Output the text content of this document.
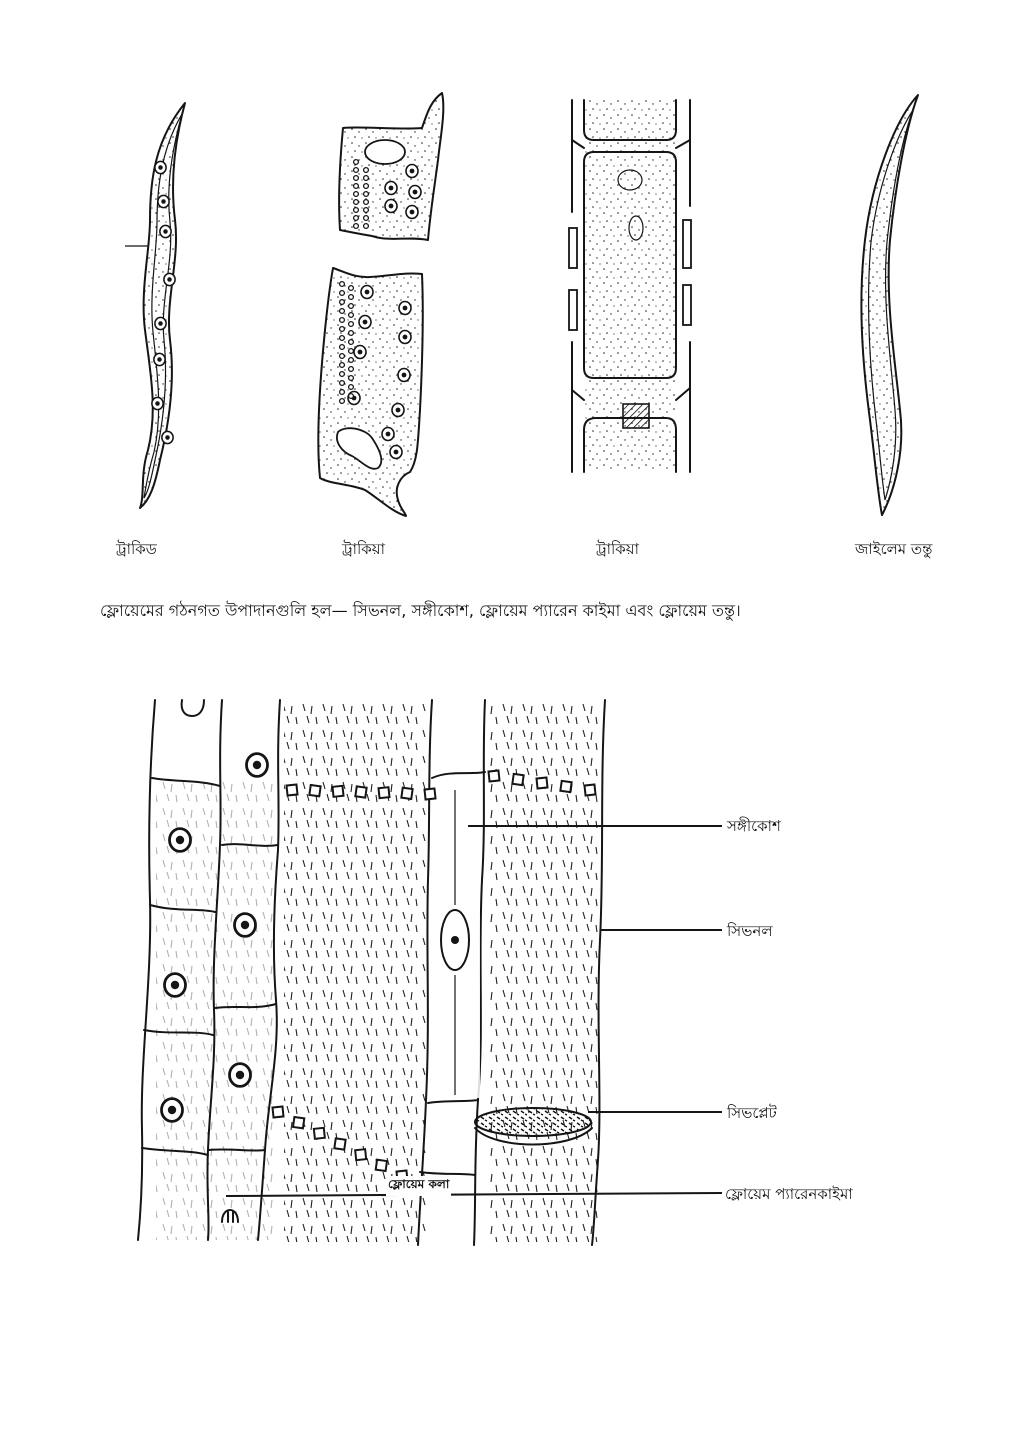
ট্রাকিড	ট্রাকিয়া	ট্রাকিয়া	জাইলেম তন্তু
ফ্লোয়েমের গঠনগত উপাদানগুলি হল— সিভনল, সঙ্গীকোশ, ফ্লোয়েম প্যারেন কাইমা এবং ফ্লোয়েম তন্তু।
ফ্লোয়েম কলা
সঙ্গীকোশ
সিভনল
সিভপ্লেট
ফ্লোয়েম প্যারেনকাইমা
